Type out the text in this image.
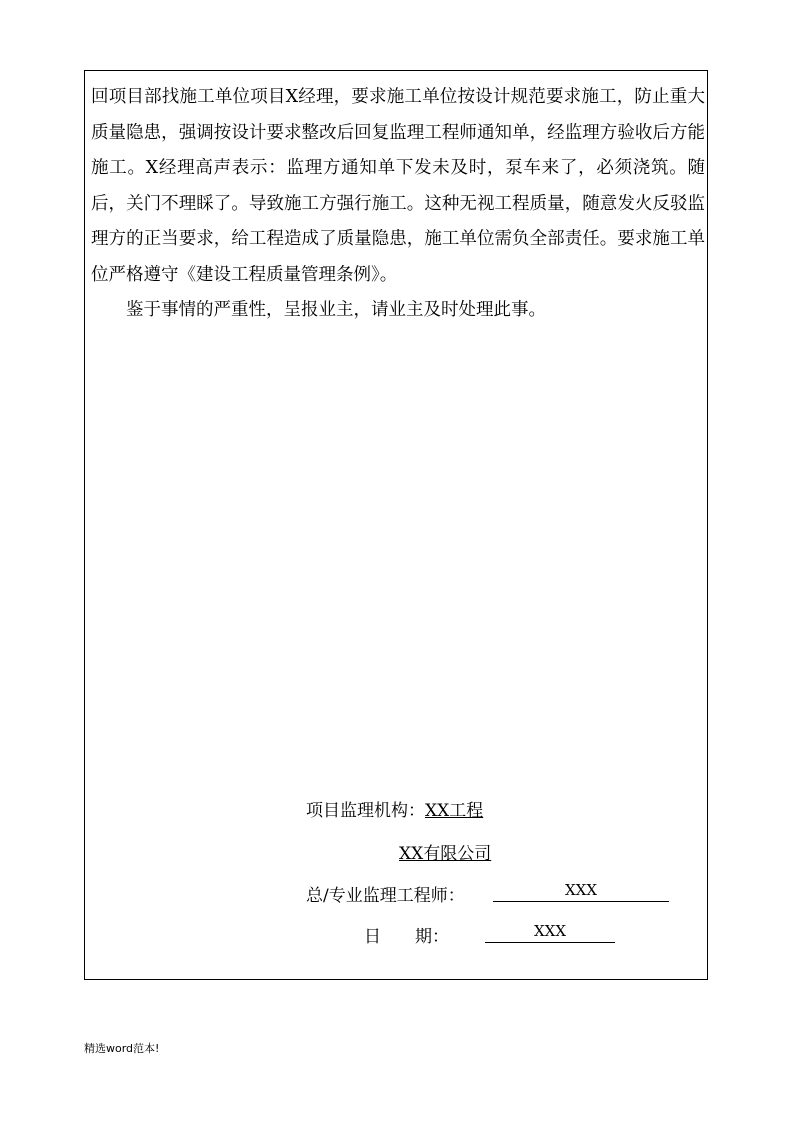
回项目部找施工单位项目X经理，要求施工单位按设计规范要求施工，防止重大质量隐患，强调按设计要求整改后回复监理工程师通知单，经监理方验收后方能施工。X经理高声表示：监理方通知单下发未及时，泵车来了，必须浇筑。随后，关门不理睬了。导致施工方强行施工。这种无视工程质量，随意发火反驳监理方的正当要求，给工程造成了质量隐患，施工单位需负全部责任。要求施工单位严格遵守《建设工程质量管理条例》。

鉴于事情的严重性，呈报业主，请业主及时处理此事。

项目监理机构：XX工程
XX有限公司
总/专业监理工程师：	XXX
日　　期：	XXX
精选word范本!
